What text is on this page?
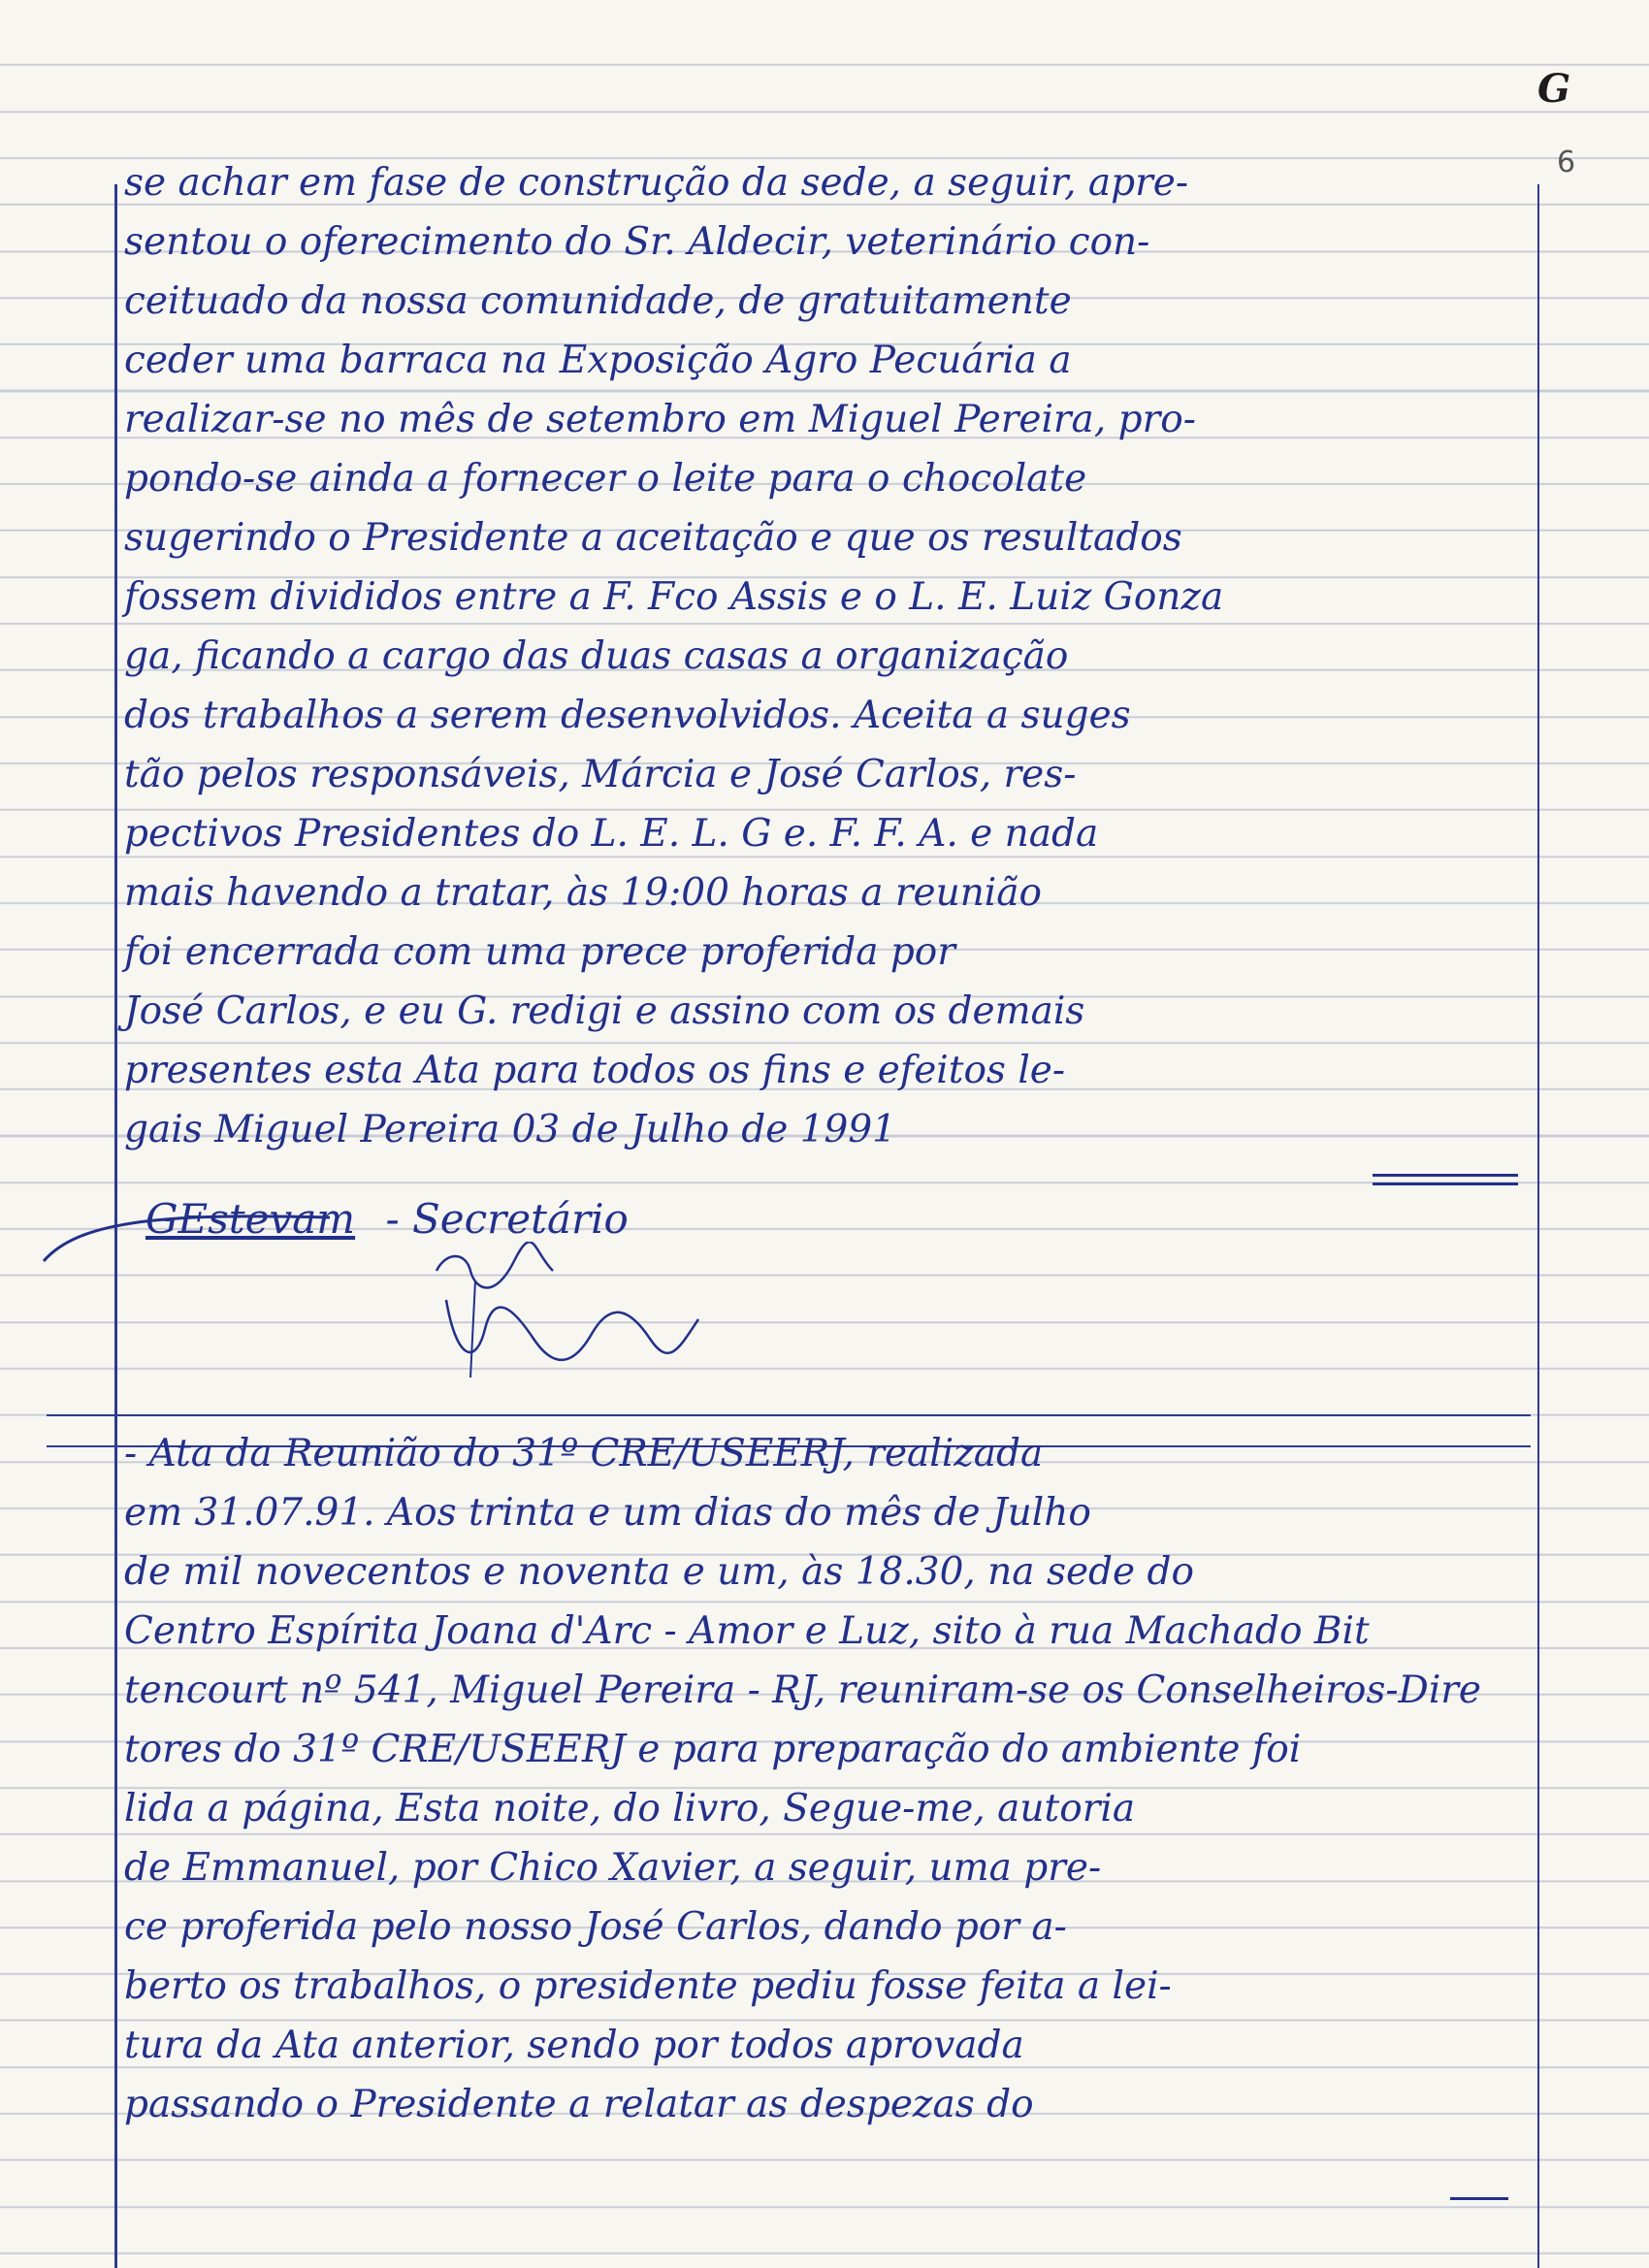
G
6
se achar em fase de construção da sede, a seguir, apre-
sentou o oferecimento do Sr. Aldecir, veterinário con-
ceituado da nossa comunidade, de gratuitamente
ceder uma barraca na Exposição Agro Pecuária a
realizar-se no mês de setembro em Miguel Pereira, pro-
pondo-se ainda a fornecer o leite para o chocolate
sugerindo o Presidente a aceitação e que os resultados
fossem divididos entre a F. Fco Assis e o L. E. Luiz Gonza
ga, ficando a cargo das duas casas a organização
dos trabalhos a serem desenvolvidos. Aceita a suges
tão pelos responsáveis, Márcia e José Carlos, res-
pectivos Presidentes do L. E. L. G e. F. F. A. e nada
mais havendo a tratar, às 19:00 horas a reunião
foi encerrada com uma prece proferida por
José Carlos, e eu G. redigi e assino com os demais
presentes esta Ata para todos os fins e efeitos le-
gais Miguel Pereira 03 de Julho de 1991
GEstevam - Secretário
- Ata da Reunião do 31º CRE/USEERJ, realizada
em 31.07.91. Aos trinta e um dias do mês de Julho
de mil novecentos e noventa e um, às 18.30, na sede do
Centro Espírita Joana d'Arc - Amor e Luz, sito à rua Machado Bit
tencourt nº 541, Miguel Pereira - RJ, reuniram-se os Conselheiros-Dire
tores do 31º CRE/USEERJ e para preparação do ambiente foi
lida a página, Esta noite, do livro, Segue-me, autoria
de Emmanuel, por Chico Xavier, a seguir, uma pre-
ce proferida pelo nosso José Carlos, dando por a-
berto os trabalhos, o presidente pediu fosse feita a lei-
tura da Ata anterior, sendo por todos aprovada
passando o Presidente a relatar as despezas do
